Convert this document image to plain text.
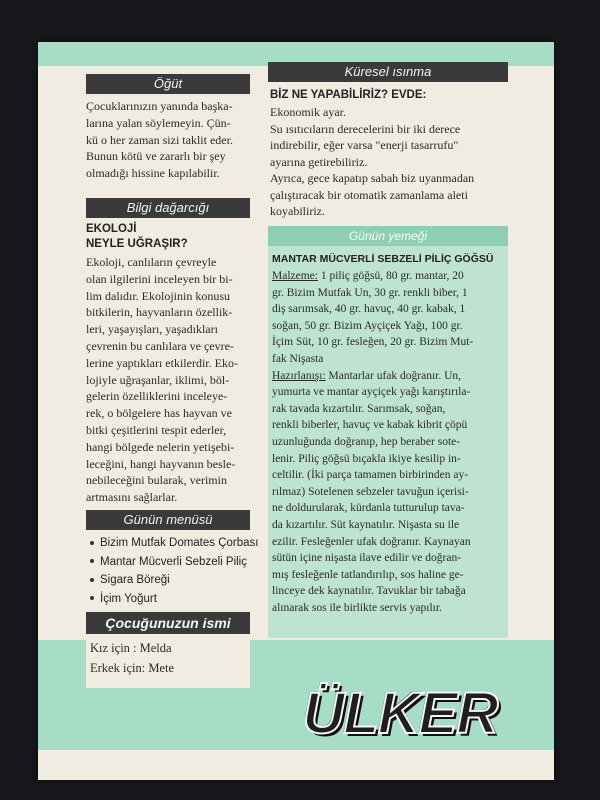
Öğüt
Çocuklarınızın yanında başka-
larına yalan söylemeyin. Çün-
kü o her zaman sizi taklit eder.
Bunun kötü ve zararlı bir şey
olmadığı hissine kapılabilir.
Bilgi dağarcığı
EKOLOJİ
NEYLE UĞRAŞIR?
Ekoloji, canlıların çevreyle
olan ilgilerini inceleyen bir bi-
lim dalıdır. Ekolojinin konusu
bitkilerin, hayvanların özellik-
leri, yaşayışları, yaşadıkları
çevrenin bu canlılara ve çevre-
lerine yaptıkları etkilerdir. Eko-
lojiyle uğraşanlar, iklimi, böl-
gelerin özelliklerini inceleye-
rek, o bölgelere has hayvan ve
bitki çeşitlerini tespit ederler,
hangi bölgede nelerin yetişebi-
leceğini, hangi hayvanın besle-
nebileceğini bularak, verimin
artmasını sağlarlar.
Günün menüsü
Bizim Mutfak Domates Çorbası
Mantar Mücverli Sebzeli Piliç
Sigara Böreği
İçim Yoğurt
Çocuğunuzun ismi
Kız için : Melda
Erkek için: Mete
Küresel ısınma
BİZ NE YAPABİLİRİZ? EVDE:
Ekonomik ayar.
Su ısıtıcıların derecelerini bir iki derece
indirebilir, eğer varsa "enerji tasarrufu"
ayarına getirebiliriz.
Ayrıca, gece kapatıp sabah biz uyanmadan
çalıştıracak bir otomatik zamanlama aleti
koyabiliriz.
Günün yemeği
MANTAR MÜCVERLİ SEBZELİ PİLİÇ GÖĞSÜ
Malzeme: 1 piliç göğsü, 80 gr. mantar, 20
gr. Bizim Mutfak Un, 30 gr. renkli biber, 1
diş sarımsak, 40 gr. havuç, 40 gr. kabak, 1
soğan, 50 gr. Bizim Ayçiçek Yağı, 100 gr.
İçim Süt, 10 gr. fesleğen, 20 gr. Bizim Mut-
fak Nişasta
Hazırlanışı: Mantarlar ufak doğranır. Un,
yumurta ve mantar ayçiçek yağı karıştırıla-
rak tavada kızartılır. Sarımsak, soğan,
renkli biberler, havuç ve kabak kibrit çöpü
uzunluğunda doğranıp, hep beraber sote-
lenir. Piliç göğsü bıçakla ikiye kesilip in-
celtilir. (İki parça tamamen birbirinden ay-
rılmaz) Sotelenen sebzeler tavuğun içerisi-
ne doldurularak, kürdanla tutturulup tava-
da kızartılır. Süt kaynatılır. Nişasta su ile
ezilir. Fesleğenler ufak doğranır. Kaynayan
sütün içine nişasta ilave edilir ve doğran-
mış fesleğenle tatlandırılıp, sos haline ge-
linceye dek kaynatılır. Tavuklar bir tabağa
alınarak sos ile birlikte servis yapılır.
ÜLKER
